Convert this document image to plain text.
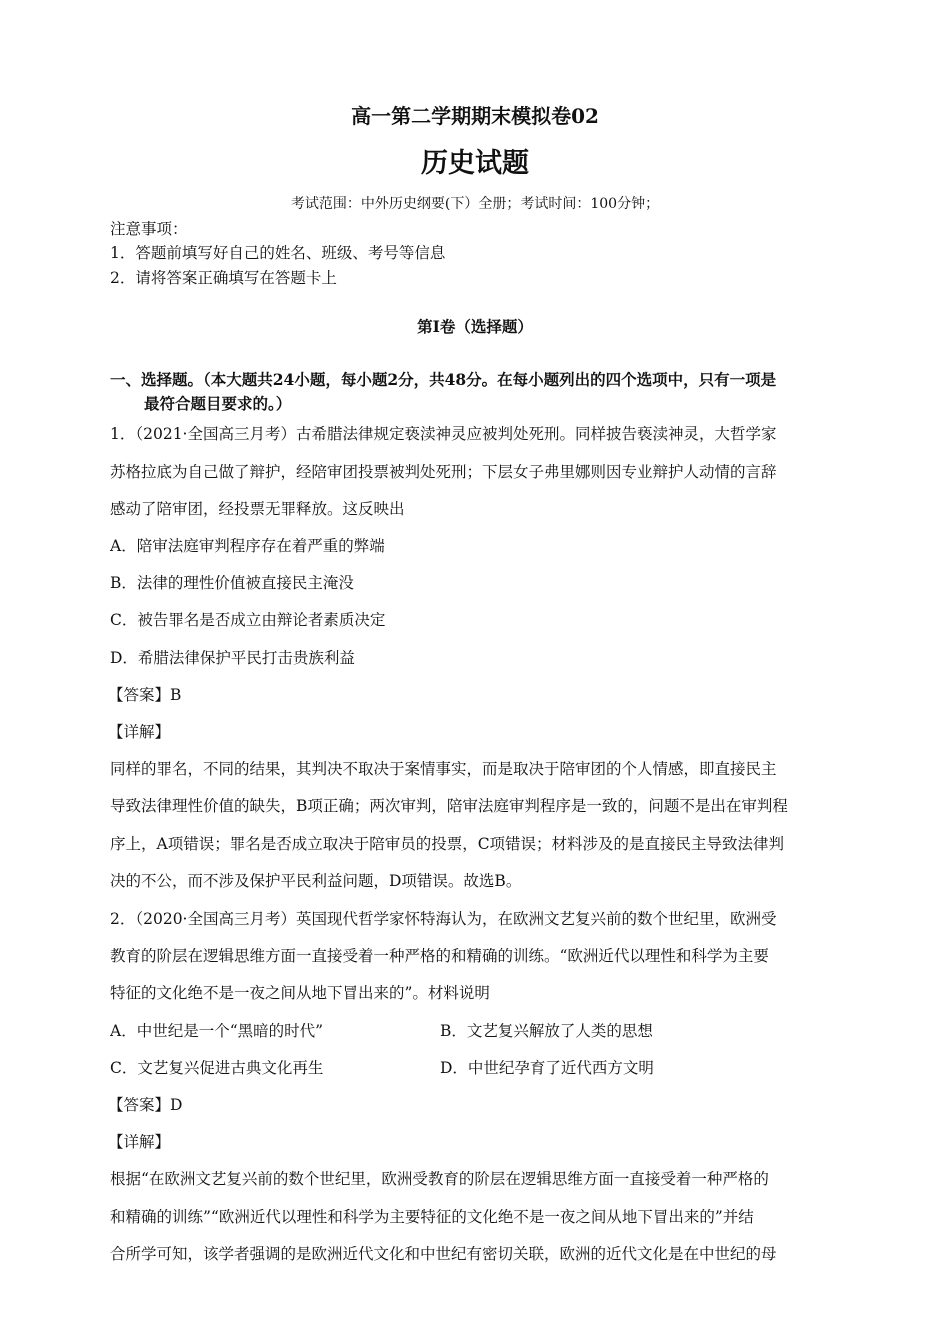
高一第二学期期末模拟卷02
历史试题
考试范围：中外历史纲要(下）全册；考试时间：100分钟；
注意事项：
1．答题前填写好自己的姓名、班级、考号等信息
2．请将答案正确填写在答题卡上
第I卷（选择题）
一、选择题。（本大题共24小题，每小题2分，共48分。在每小题列出的四个选项中，只有一项是
最符合题目要求的。）
1．（2021·全国高三月考）古希腊法律规定亵渎神灵应被判处死刑。同样披告亵渎神灵，大哲学家
苏格拉底为自己做了辩护，经陪审团投票被判处死刑；下层女子弗里娜则因专业辩护人动情的言辞
感动了陪审团，经投票无罪释放。这反映出
A．陪审法庭审判程序存在着严重的弊端
B．法律的理性价值被直接民主淹没
C．被告罪名是否成立由辩论者素质决定
D．希腊法律保护平民打击贵族利益
【答案】B
【详解】
同样的罪名，不同的结果，其判决不取决于案情事实，而是取决于陪审团的个人情感，即直接民主
导致法律理性价值的缺失，B项正确；两次审判，陪审法庭审判程序是一致的，问题不是出在审判程
序上，A项错误；罪名是否成立取决于陪审员的投票，C项错误；材料涉及的是直接民主导致法律判
决的不公，而不涉及保护平民利益问题，D项错误。故选B。
2．（2020·全国高三月考）英国现代哲学家怀特海认为，在欧洲文艺复兴前的数个世纪里，欧洲受
教育的阶层在逻辑思维方面一直接受着一种严格的和精确的训练。“欧洲近代以理性和科学为主要
特征的文化绝不是一夜之间从地下冒出来的”。材料说明
A．中世纪是一个“黑暗的时代”	B．文艺复兴解放了人类的思想
C．文艺复兴促进古典文化再生	D．中世纪孕育了近代西方文明
【答案】D
【详解】
根据“在欧洲文艺复兴前的数个世纪里，欧洲受教育的阶层在逻辑思维方面一直接受着一种严格的
和精确的训练”“欧洲近代以理性和科学为主要特征的文化绝不是一夜之间从地下冒出来的”并结
合所学可知，该学者强调的是欧洲近代文化和中世纪有密切关联，欧洲的近代文化是在中世纪的母
